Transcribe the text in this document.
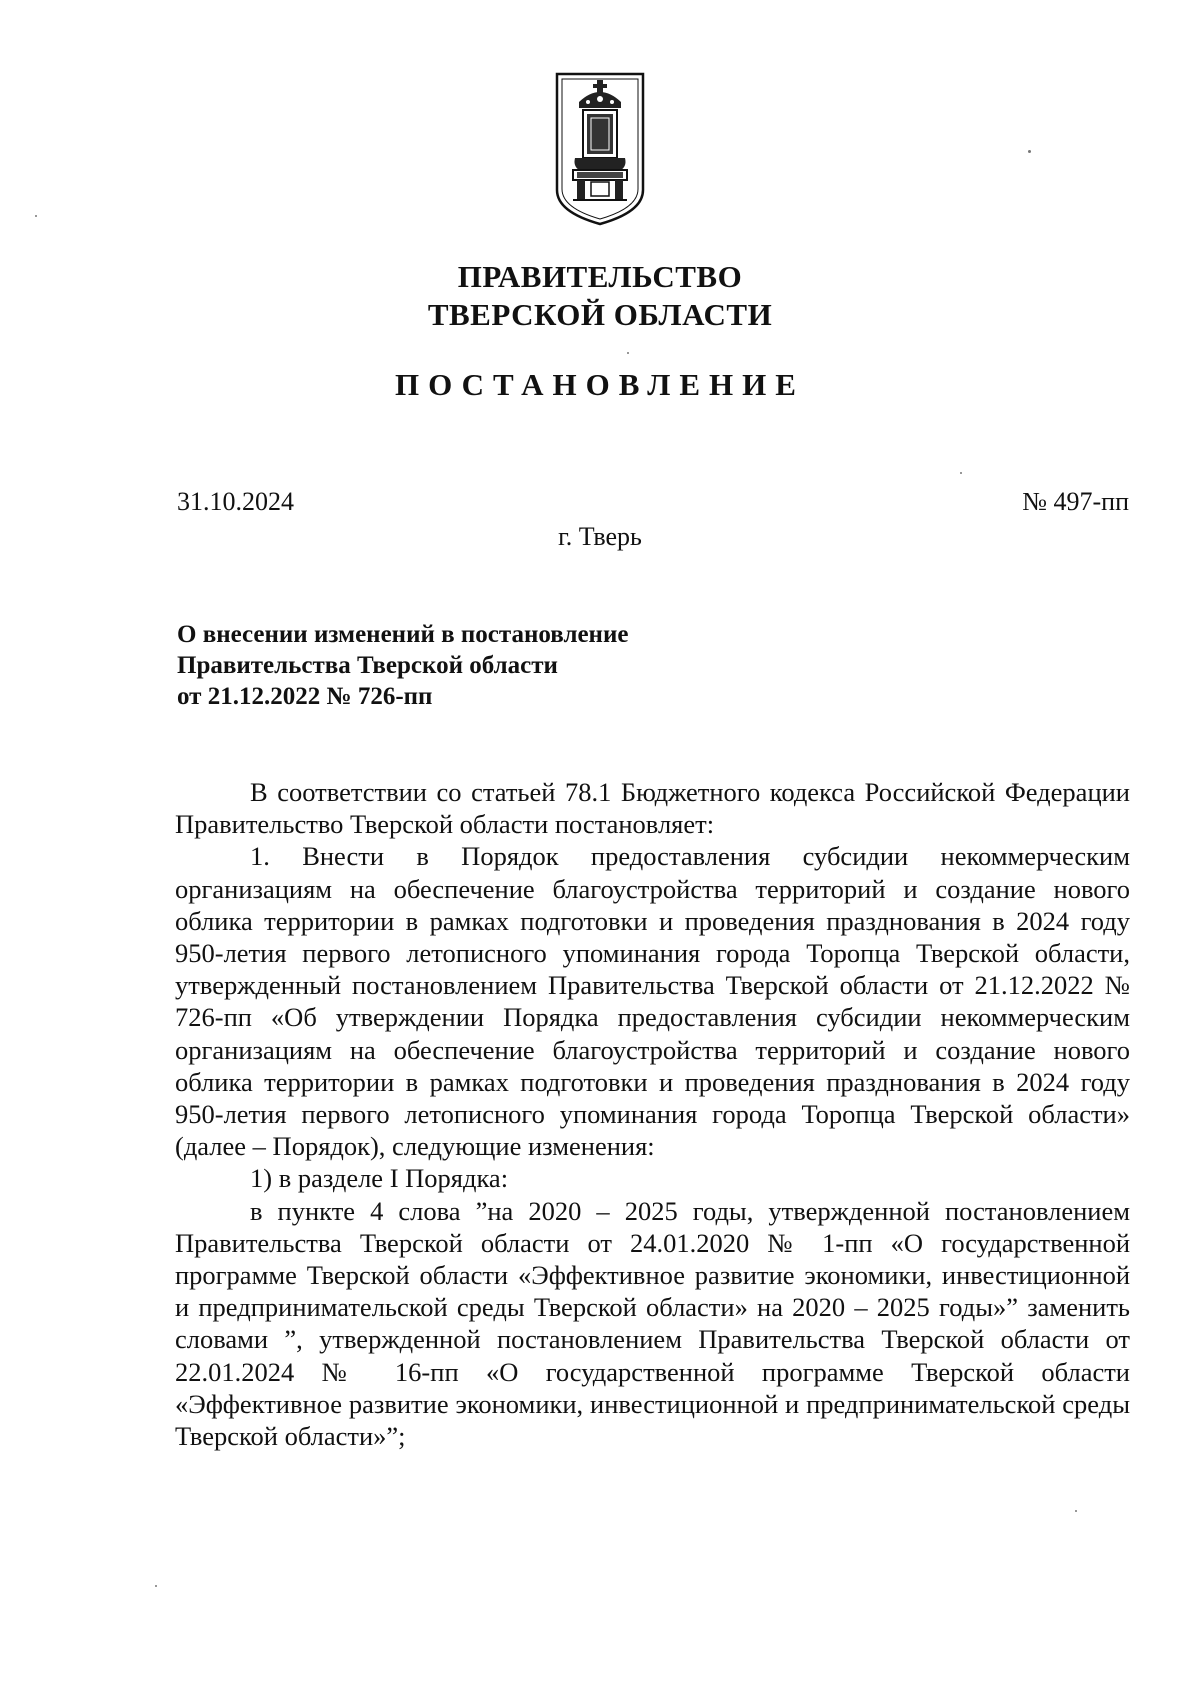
ПРАВИТЕЛЬСТВО
ТВЕРСКОЙ ОБЛАСТИ
ПОСТАНОВЛЕНИЕ
31.10.2024	№ 497-пп
г. Тверь
О внесении изменений в постановление
Правительства Тверской области
от 21.12.2022 № 726-пп

В соответствии со статьей 78.1 Бюджетного кодекса Российской Федерации Правительство Тверской области постановляет:

1. Внести в Порядок предоставления субсидии некоммерческим организациям на обеспечение благоустройства территорий и создание нового облика территории в рамках подготовки и проведения празднования в 2024 году 950-летия первого летописного упоминания города Торопца Тверской области, утвержденный постановлением Правительства Тверской области от 21.12.2022 № 726-пп «Об утверждении Порядка предоставления субсидии некоммерческим организациям на обеспечение благоустройства территорий и создание нового облика территории в рамках подготовки и проведения празднования в 2024 году 950-летия первого летописного упоминания города Торопца Тверской области» (далее – Порядок), следующие изменения:

1) в разделе I Порядка:

в пункте 4 слова ”на 2020 – 2025 годы, утвержденной постановлением Правительства Тверской области от 24.01.2020 № 1-пп «О государственной программе Тверской области «Эффективное развитие экономики, инвестиционной и предпринимательской среды Тверской области» на 2020 – 2025 годы»” заменить словами ”, утвержденной постановлением Правительства Тверской области от 22.01.2024 № 16-пп «О государственной программе Тверской области «Эффективное развитие экономики, инвестиционной и предпринимательской среды Тверской области»”;
